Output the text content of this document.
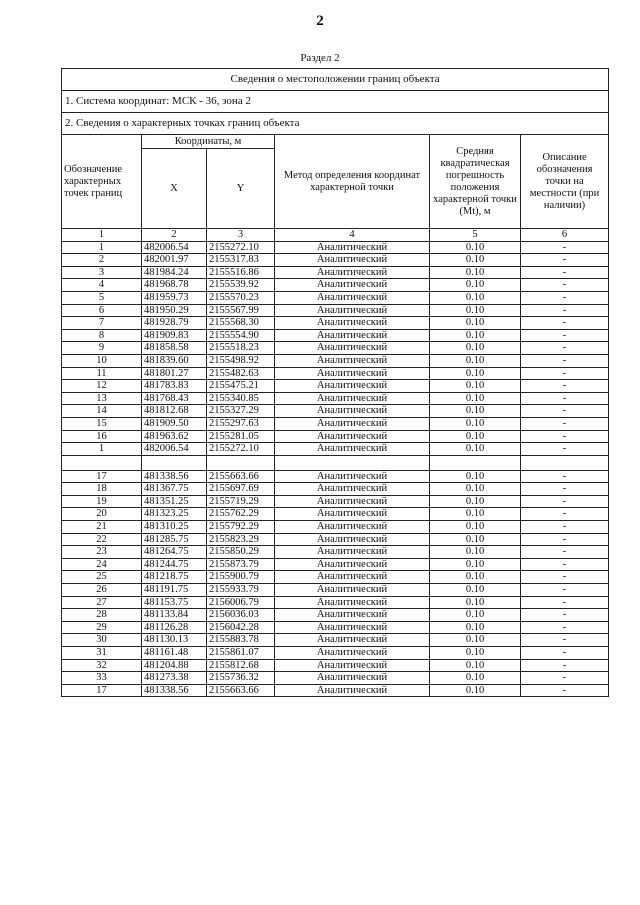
2
Раздел 2
Сведения о местоположении границ объекта					
1. Система координат: МСК - 36, зона 2					
2. Сведения о характерных точках границ объекта					
Обозначение характерных точек границ	Координаты, м		Метод определения координат характерной точки	Средняя квадратическая погрешность положения характерной точки (Mt), м	Описание обозначения точки на местности (при наличии)
	X	Y			
1	2	3	4	5	6
1	482006.54	2155272.10	Аналитический	0.10	-
2	482001.97	2155317.83	Аналитический	0.10	-
3	481984.24	2155516.86	Аналитический	0.10	-
4	481968.78	2155539.92	Аналитический	0.10	-
5	481959.73	2155570.23	Аналитический	0.10	-
6	481950.29	2155567.99	Аналитический	0.10	-
7	481928.79	2155568.30	Аналитический	0.10	-
8	481909.83	2155554.90	Аналитический	0.10	-
9	481858.58	2155518.23	Аналитический	0.10	-
10	481839.60	2155498.92	Аналитический	0.10	-
11	481801.27	2155482.63	Аналитический	0.10	-
12	481783.83	2155475.21	Аналитический	0.10	-
13	481768.43	2155340.85	Аналитический	0.10	-
14	481812.68	2155327.29	Аналитический	0.10	-
15	481909.50	2155297.63	Аналитический	0.10	-
16	481963.62	2155281.05	Аналитический	0.10	-
1	482006.54	2155272.10	Аналитический	0.10	-

17	481338.56	2155663.66	Аналитический	0.10	-
18	481367.75	2155697.69	Аналитический	0.10	-
19	481351.25	2155719.29	Аналитический	0.10	-
20	481323.25	2155762.29	Аналитический	0.10	-
21	481310.25	2155792.29	Аналитический	0.10	-
22	481285.75	2155823.29	Аналитический	0.10	-
23	481264.75	2155850.29	Аналитический	0.10	-
24	481244.75	2155873.79	Аналитический	0.10	-
25	481218.75	2155900.79	Аналитический	0.10	-
26	481191.75	2155933.79	Аналитический	0.10	-
27	481153.75	2156006.79	Аналитический	0.10	-
28	481133.84	2156036.03	Аналитический	0.10	-
29	481126.28	2156042.28	Аналитический	0.10	-
30	481130.13	2155883.78	Аналитический	0.10	-
31	481161.48	2155861.07	Аналитический	0.10	-
32	481204.88	2155812.68	Аналитический	0.10	-
33	481273.38	2155736.32	Аналитический	0.10	-
17	481338.56	2155663.66	Аналитический	0.10	-
